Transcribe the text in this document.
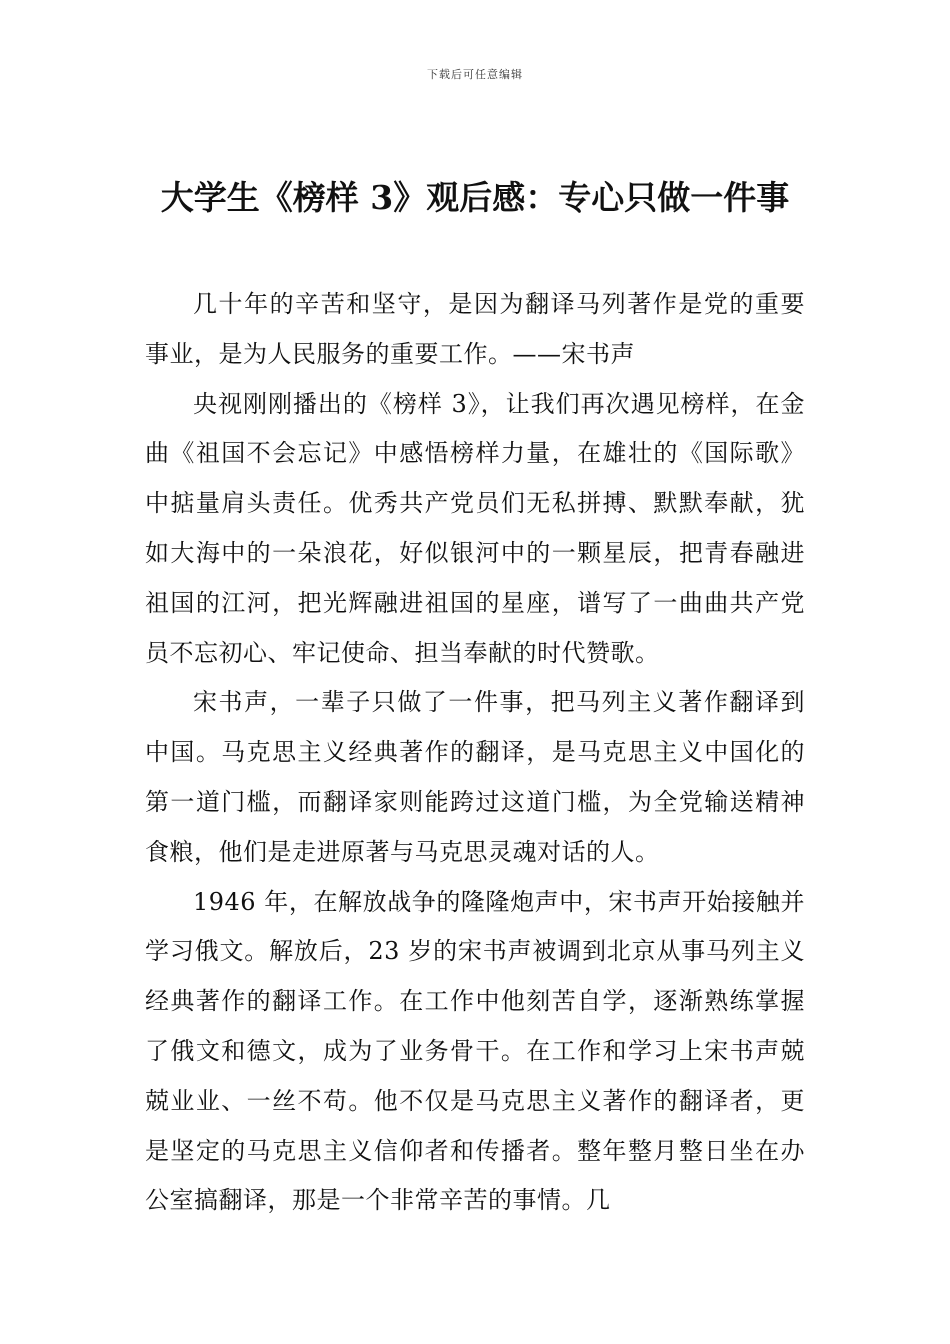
下载后可任意编辑
大学生《榜样 3》观后感：专心只做一件事

几十年的辛苦和坚守，是因为翻译马列著作是党的重要事业，是为人民服务的重要工作。——宋书声

央视刚刚播出的《榜样 3》，让我们再次遇见榜样，在金曲《祖国不会忘记》中感悟榜样力量，在雄壮的《国际歌》中掂量肩头责任。优秀共产党员们无私拼搏、默默奉献，犹如大海中的一朵浪花，好似银河中的一颗星辰，把青春融进祖国的江河，把光辉融进祖国的星座，谱写了一曲曲共产党员不忘初心、牢记使命、担当奉献的时代赞歌。

宋书声，一辈子只做了一件事，把马列主义著作翻译到中国。马克思主义经典著作的翻译，是马克思主义中国化的第一道门槛，而翻译家则能跨过这道门槛，为全党输送精神食粮，他们是走进原著与马克思灵魂对话的人。

1946 年，在解放战争的隆隆炮声中，宋书声开始接触并学习俄文。解放后，23 岁的宋书声被调到北京从事马列主义经典著作的翻译工作。在工作中他刻苦自学，逐渐熟练掌握了俄文和德文，成为了业务骨干。在工作和学习上宋书声兢兢业业、一丝不苟。他不仅是马克思主义著作的翻译者，更是坚定的马克思主义信仰者和传播者。整年整月整日坐在办公室搞翻译，那是一个非常辛苦的事情。几
